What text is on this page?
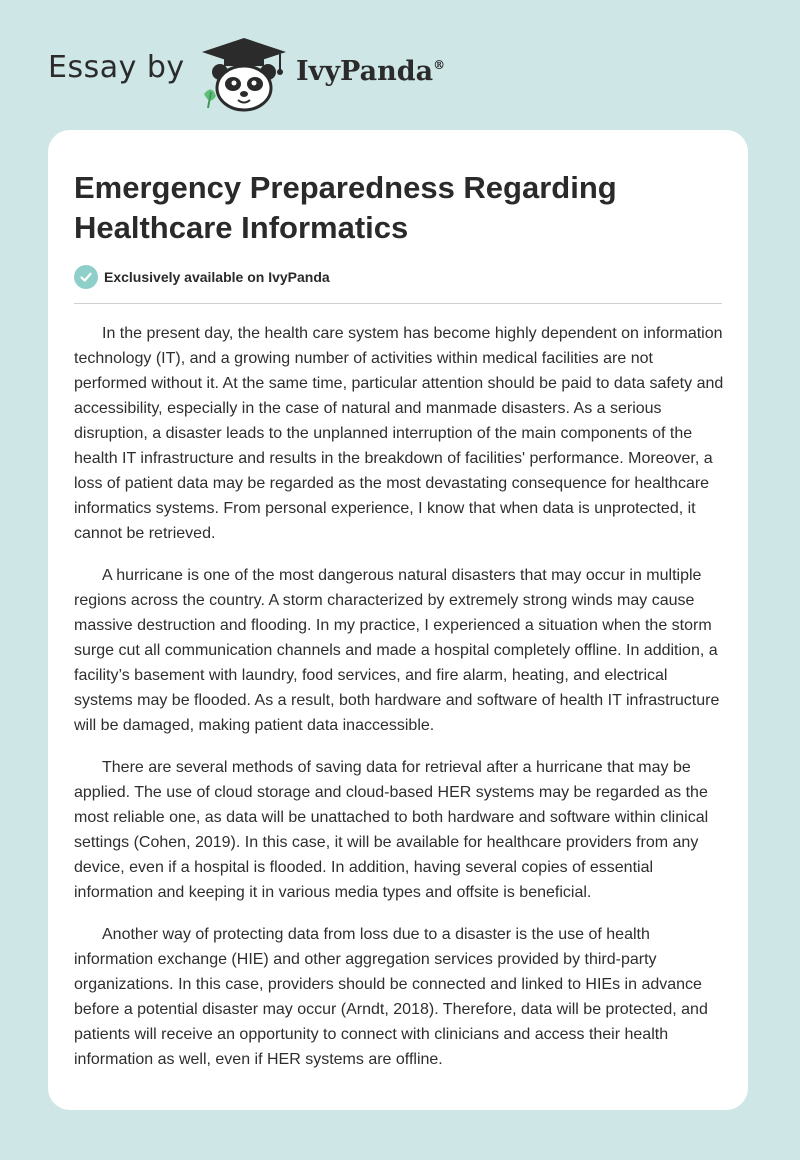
Essay by	IvyPanda®
Emergency Preparedness Regarding Healthcare Informatics
Exclusively available on IvyPanda

In the present day, the health care system has become highly dependent on information technology (IT), and a growing number of activities within medical facilities are not performed without it. At the same time, particular attention should be paid to data safety and accessibility, especially in the case of natural and manmade disasters. As a serious disruption, a disaster leads to the unplanned interruption of the main components of the health IT infrastructure and results in the breakdown of facilities' performance. Moreover, a loss of patient data may be regarded as the most devastating consequence for healthcare informatics systems. From personal experience, I know that when data is unprotected, it cannot be retrieved.

A hurricane is one of the most dangerous natural disasters that may occur in multiple regions across the country. A storm characterized by extremely strong winds may cause massive destruction and flooding. In my practice, I experienced a situation when the storm surge cut all communication channels and made a hospital completely offline. In addition, a facility’s basement with laundry, food services, and fire alarm, heating, and electrical systems may be flooded. As a result, both hardware and software of health IT infrastructure will be damaged, making patient data inaccessible.

There are several methods of saving data for retrieval after a hurricane that may be applied. The use of cloud storage and cloud-based HER systems may be regarded as the most reliable one, as data will be unattached to both hardware and software within clinical settings (Cohen, 2019). In this case, it will be available for healthcare providers from any device, even if a hospital is flooded. In addition, having several copies of essential information and keeping it in various media types and offsite is beneficial.

Another way of protecting data from loss due to a disaster is the use of health information exchange (HIE) and other aggregation services provided by third-party organizations. In this case, providers should be connected and linked to HIEs in advance before a potential disaster may occur (Arndt, 2018). Therefore, data will be protected, and patients will receive an opportunity to connect with clinicians and access their health information as well, even if HER systems are offline.
